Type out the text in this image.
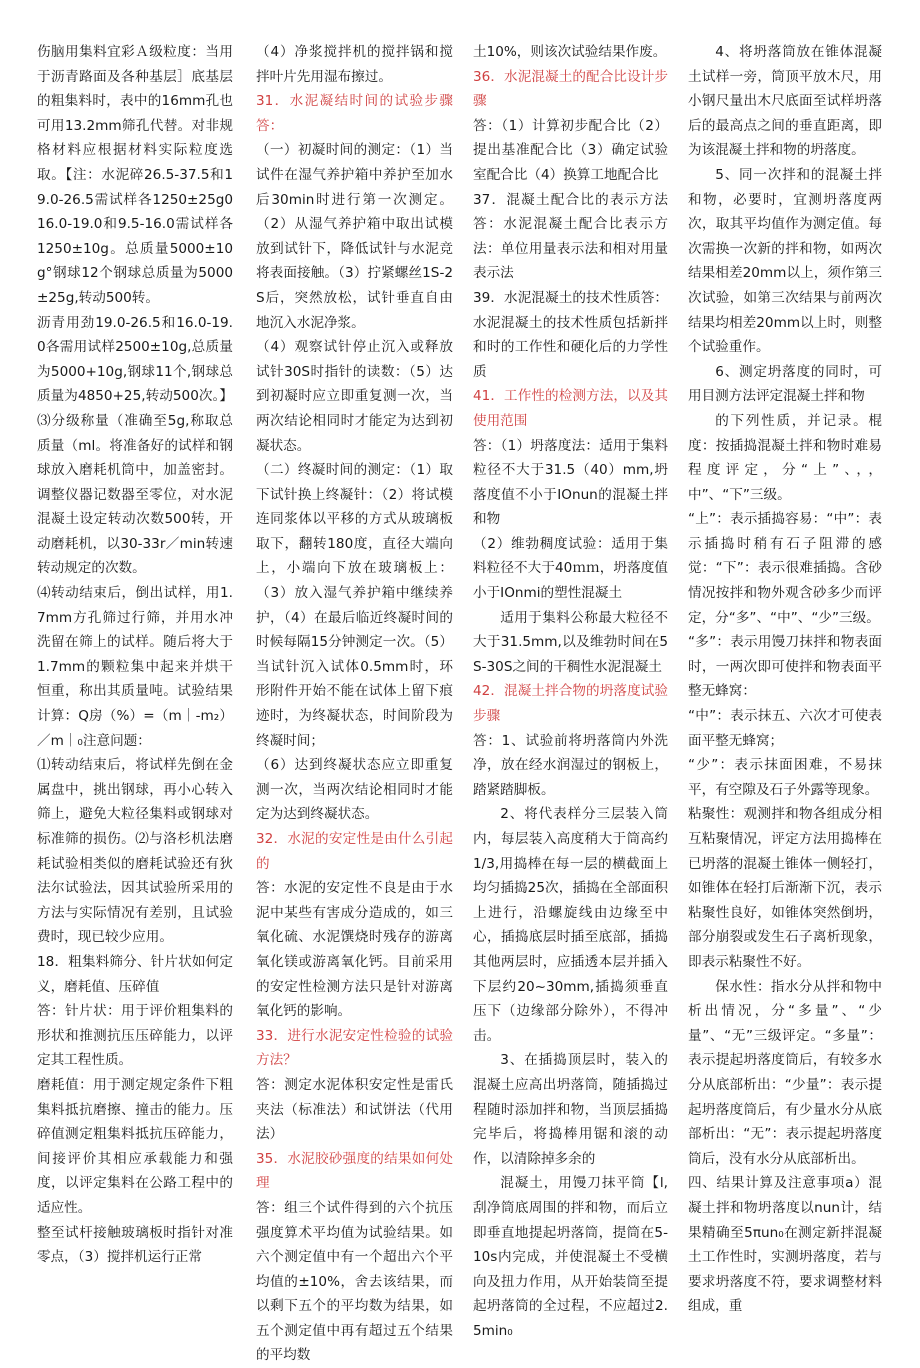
伤脑用集料宜彩Ａ级粒度：当用于沥青路面及各种基层］底基层的粗集料时，表中的16mm孔也可用13.2mm筛孔代替。对非规格材料应根据材料实际粒度选取。【注：水泥碎26.5-37.5和19.0-26.5需试样各1250±25g016.0-19.0和9.5-16.0需试样各1250±10g。总质量5000±10g°钢球12个钢球总质量为5000±25g,转动500转。

沥青用劲19.0-26.5和16.0-19.0各需用试样2500±10g,总质量为5000+10g,钢球11个,钢球总质量为4850+25,转动500次。】⑶分级称量（准确至5g,称取总质量（ml。将准备好的试样和钢球放入磨耗机筒中，加盖密封。调整仪器记数器至零位，对水泥混凝土设定转动次数500转，开动磨耗机，以30-33r／min转速转动规定的次数。

⑷转动结束后，倒出试样，用1.7mm方孔筛过行筛，并用水冲洗留在筛上的试样。随后将大于1.7mm的颗粒集中起来并烘干恒重，称出其质量吨。试验结果计算：Q房（%）=（m｜-m₂）／m｜₀注意问题：

⑴转动结束后，将试样先倒在金属盘中，挑出钢球，再小心转入筛上，避免大粒径集料或钢球对标准筛的损伤。⑵与洛杉机法磨耗试验相类似的磨耗试验还有狄法尔试验法，因其试验所采用的方法与实际情况有差别，且试验费时，现已较少应用。

18．粗集料筛分、针片状如何定义，磨耗值、压碎值

答：针片状：用于评价粗集料的形状和推测抗压压碎能力，以评定其工程性质。

磨耗值：用于测定规定条件下粗集料抵抗磨擦、撞击的能力。压碎值测定粗集料抵抗压碎能力，间接评价其相应承载能力和强度，以评定集料在公路工程中的适应性。

整至试杆接触玻璃板时指针对准零点，（3）搅拌机运行正常

（4）净浆搅拌机的搅拌锅和搅拌叶片先用湿布擦过。

31．水泥凝结时间的试验步骤答：

（一）初凝时间的测定：（1）当试件在湿气养护箱中养护至加水后30min时进行第一次测定。（2）从湿气养护箱中取出试模放到试针下，降低试针与水泥竞将表面接触。（3）拧紧螺丝1S-2S后，突然放松，试针垂直自由地沉入水泥净浆。

（4）观察试针停止沉入或释放试针30S时指针的读数：（5）达到初凝时应立即重复测一次，当两次结论相同时才能定为达到初凝状态。

（二）终凝时间的测定：（1）取下试针换上终凝针：（2）将试模连同浆体以平移的方式从玻璃板取下，翻转180度，直径大端向上，小端向下放在玻璃板上：（3）放入湿气养护箱中继续养护，（4）在最后临近终凝时间的时候每隔15分钟测定一次。（5）当试针沉入试体0.5mm时，环形附件开始不能在试体上留下痕迹时，为终凝状态，时间阶段为终凝时间；

（6）达到终凝状态应立即重复测一次，当两次结论相同时才能定为达到终凝状态。

32．水泥的安定性是由什么引起的

答：水泥的安定性不良是由于水泥中某些有害成分造成的，如三氧化硫、水泥馔烧时残存的游离氧化镁或游离氧化钙。目前采用的安定性检测方法只是针对游离氧化钙的影响。

33．进行水泥安定性检验的试验方法？

答：测定水泥体积安定性是雷氏夹法（标准法）和试饼法（代用法）

35．水泥胶砂强度的结果如何处理

答：组三个试件得到的六个抗压强度算术平均值为试验结果。如六个测定值中有一个超出六个平均值的±10%，舍去该结果，而以剩下五个的平均数为结果，如五个测定值中再有超过五个结果的平均数

土10%，则该次试验结果作废。

36．水泥混凝土的配合比设计步骤

答：（1）计算初步配合比（2）提出基准配合比（3）确定试验室配合比（4）换算工地配合比

37．混凝土配合比的表示方法答：水泥混凝土配合比表示方法：单位用量表示法和相对用量表示法

39．水泥混凝土的技术性质答：水泥混凝土的技术性质包括新拌和时的工作性和硬化后的力学性质

41．工作性的检测方法，以及其使用范围

答：（1）坍落度法：适用于集料粒径不大于31.5（40）mm,坍落度值不小于IOnun的混凝土拌和物

（2）维勃稠度试验：适用于集料粒径不大于40ｍｍ，坍落度值小于IOnmi的塑性混凝土

适用于集料公称最大粒径不大于31.5mm,以及维勃时间在5S-30S之间的干稠性水泥混凝土

42．混凝土拌合物的坍落度试验步骤

答：1、试验前将坍落筒内外洗净，放在经水润湿过的钢板上，踏紧踏脚板。

2、将代表样分三层装入筒内，每层装入高度稍大于筒高约1/3,用捣棒在每一层的横截面上均匀插捣25次，插捣在全部面积上进行，沿螺旋线由边缘至中心，插捣底层时插至底部，插捣其他两层时，应插透本层并插入下层约20~30mm,插捣须垂直压下（边缘部分除外），不得冲击。

3、在插捣顶层时，装入的混凝土应高出坍落筒，随插捣过程随时添加拌和物，当顶层插捣完毕后，将捣棒用锯和滚的动作，以清除掉多余的

混凝土，用馒刀抹平筒【l,刮净筒底周围的拌和物，而后立即垂直地提起坍落筒，提筒在5-10s内完成，并使混凝土不受横向及扭力作用，从开始装筒至提起坍落筒的全过程，不应超过2.5min₀

4、将坍落筒放在锥体混凝土试样一旁，筒顶平放木尺，用小钢尺量出木尺底面至试样坍落后的最高点之间的垂直距离，即为该混凝土拌和物的坍落度。

5、同一次拌和的混凝土拌和物，必要时，宜测坍落度两次，取其平均值作为测定值。每次需换一次新的拌和物，如两次结果相差20mm以上，须作第三次试验，如第三次结果与前两次结果均相差20mm以上时，则整个试验重作。

6、测定坍落度的同时，可用目测方法评定混凝土拌和物

的下列性质，并记录。棍度：按插捣混凝土拌和物时难易程度评定，分“上”、，，中”、“下”三级。

“上”：表示插捣容易：“中”：表示插捣时稍有石子阻滞的感觉：“下”：表示很难插捣。含砂情况按拌和物外观含砂多少而评定，分“多”、“中”、“少”三级。

“多”：表示用馒刀抹拌和物表面时，一两次即可使拌和物表面平整无蜂窝：

“中”：表示抹五、六次才可使表面平整无蜂窝；

“少”：表示抹面困难，不易抹平，有空隙及石子外露等现象。

粘聚性：观测拌和物各组成分相互粘聚情况，评定方法用捣棒在已坍落的混凝土锥体一侧轻打，如锥体在轻打后渐渐下沉，表示粘聚性良好，如锥体突然倒坍，部分崩裂或发生石子离析现象，即表示粘聚性不好。

保水性：指水分从拌和物中析出情况，分“多量”、“少量”、“无”三级评定。“多量”：表示提起坍落度筒后，有较多水分从底部析出：“少量”：表示提起坍落度筒后，有少量水分从底部析出：“无”：表示提起坍落度筒后，没有水分从底部析出。

四、结果计算及注意事项a）混凝土拌和物坍落度以nun计，结果精确至5πun₀在测定新拌混凝土工作性时，实测坍落度，若与要求坍落度不符，要求调整材料组成，重
